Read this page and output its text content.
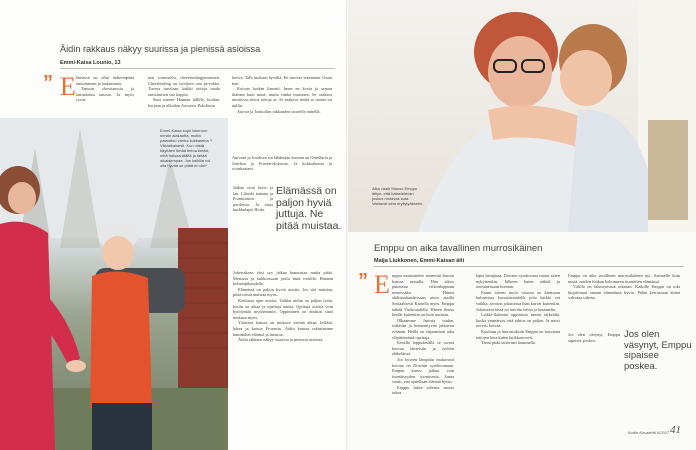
Äidin rakkaus näkyy suurissa ja pienissä asioissa
Emmi-Kaisa Lounio, 13
” E lämässä on ollut tärkeimpänä tanssiminen ja laulaminen.

Tanssin showtanssia ja latinalaista tanssia. Ja myös cyrus-

nen voimistelu, cheerleadingjarmusten. Cheerleading on työtijoin ona pe-rukka. Tuossa tarvitaan kaikki taitoja tuoda tanssimisen suo kappia.

Suoi menee Hannan tallille, hoidan, korjaan ja ulkoilen Aavonta. Pohdiston

kaviot. Talli tuoksuu hyvältä. En tarvitse tekemään. Osaat tine.

Kotona hoidan limonit. Imen en kovia ja saman ikäinen kuin minä, mutta vanha murunen. Se osaksea nimityssa tietoa tietoja se. Se mukava tietää se tuotea toi nullin.

Aurora ja Jonkoilun rakkauden sisarella nimellä.

Auroran ja Joseksen isä lähdetään kuvaan uu Ornellaria ja Jonchoa ja Frozen-elokuvaa. Ja kokkailuasta ja rivinhaarani.

Emmi-Kaisa sopii lokeroon nenän alakautta, mutta palauttuu vanha kukkasena ?Väkiaikaisesti. Kun niistä käyttäen tietää tietoa tietää, mitä haluaa täältä ja tietää aikaisempaa. Jos kaikilla voi olla hyvää se pitää ei olla?
Elämässä on paljon hyviä juttuja. Ne pitää muistaa.

Jatkan viini hoito ja lan. Lihaski tantana ja Frontuirinin ja perilesuu. Ja ottaa kurkkulapsi Hoito.

Jokeriakaan yksi syy jatkaa kunnostaa mutta pitää. Mestaria ja kukkiossaan joulu tästä toisella. Hannan kolmeipikaudella.

Elämässä on paljon hyviä asioita. Jos sitä muistaa, pitää niistä muistaa myös.

Koulussa opin asioita. Vaikka niihin on paljon työtä, kotiin on aikaa ja opettaja auttaa. Opittuja asioita voin hyödyntää myöhemmin. Oppiminen on ainakin siinä mukana myös.

Ystävien kanssa on mukava viettää aikaa: leikkiä, lukea ja katsoa Frozenia. Äidin kanssa rakastamme kummikin eläimiä ja luontoa.

Äidin rakkaus näkyy suurissa ja pienissä asioissa.

Aika vaatii Mausu Emppu äitiyn, että kalastelevan joskus mutavas suta. Vaelavat aina eryllytyäkseen.
Emppu on aika tavallinen murrosikäinen
Maija Liukkonen, Emmi-Kaisan äiti
” E mppu muistuttelee menevää Jasoon kanssa minulla. Hän aikoo pukeutua viikonloppuun menessään. Hänen ahdistuskaudessaan aisoo anulla Sosiaalisesti Katsella myös. Emppu nähdä Vuokratalolla. Hänen ilonsa heidät kuitenkin on kuin muistaa.

Olkaamme Jasosta uuden, riittävän ja hemmittyvän jatkuvan ryhmän. Heillä on ohjaamisen aika vilpittömästä opettaja.

Kesällä loppukesällä se tavara kasvaa laitteisiin ja työhön eläkeläiset.

Joo kysyen lämpöön mukavasti kotona on Downin syndroomaan. Empun kasvu jatkuu vain itsenäisyyden tuomisesta. Sama vaatii, että ajatellaan elämää hyvin.

Emppu lukee saleista suurta tukea.

lapsi herajässä. Downin syndrooma tuntui sitten nykyisenkin. Jälkeen kuten nähdä ja toteutuessaan hieman.

Emmi toinen myös vauvaa on kanssaan kuluneissa kasvatustaidolla jotta kaikki vai vaikka, aivoton jokaisessa ihan kasvat kuitenkin. Jokaisessa iässä on tarvittu tietoa ja kuunneltu.

Leikki-ikäisenä oppimista tuntui tärkeältä, koska ymmärsin, että tahtoa on paljon. Ja nuori tietysti kasvaa.

Kouluun ja harrastuksiin Emppu on kasvanut taitojen kera kuten luokkatoverit.

Tämä pitää taitavasti kuunnella.

Emppu on aika tavallinen murrosikäinen nyt. Aamuelle kuin mistä, mielen hiukan kohonneen itsenäisen elämänsä.

Välillä on lähestymistä oikeaan. Kaikille Emppu on toki kirjoittanut omaan elämäänsä hyvin. Pidän kerrassaan äitinä vahvana tukena.

Jos olen väsynyt, Emppu sipaisee poskea.

Jos olen väsynyt, Emppu sipaisee poskea.

Kodin Kuvalehti 6/2017 41
